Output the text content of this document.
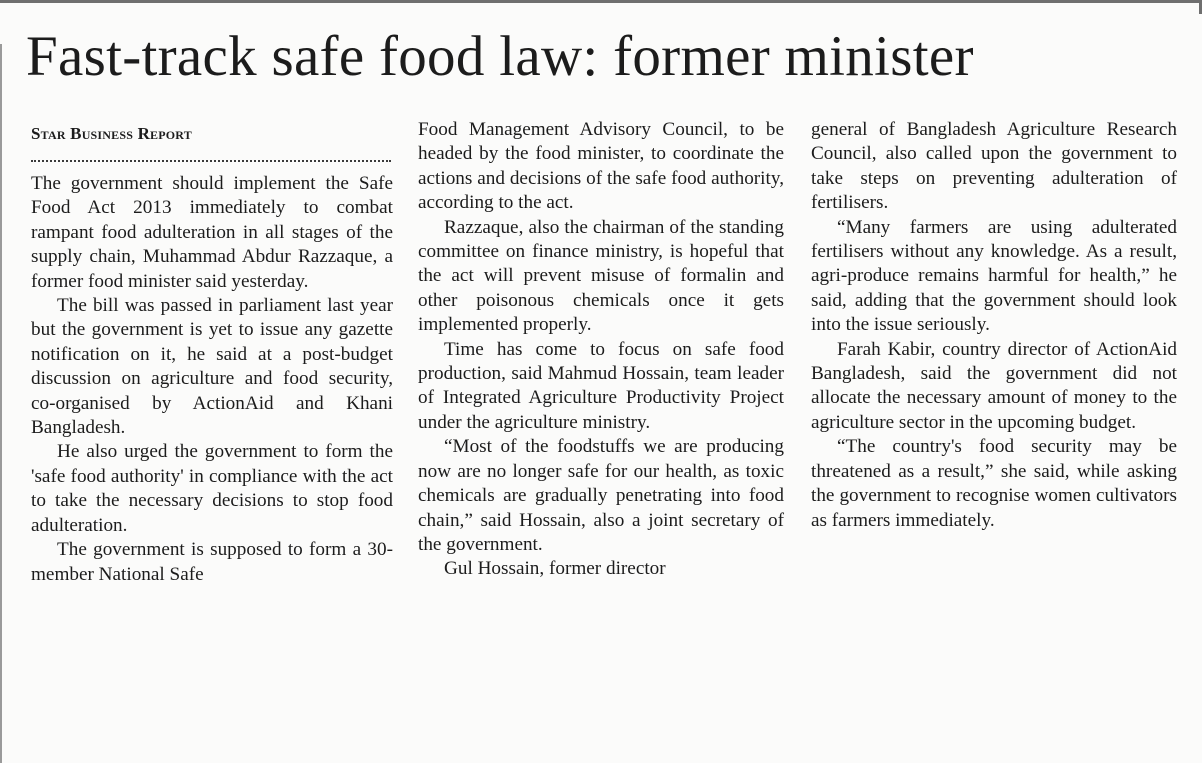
Fast-track safe food law: former minister
Star Business Report

The government should implement the Safe Food Act 2013 immediately to combat rampant food adulteration in all stages of the supply chain, Muhammad Abdur Razzaque, a former food minister said yesterday.

The bill was passed in parliament last year but the government is yet to issue any gazette notification on it, he said at a post-budget discussion on agriculture and food security, co-organised by ActionAid and Khani Bangladesh.

He also urged the government to form the 'safe food authority' in compliance with the act to take the necessary decisions to stop food adulteration.

The government is supposed to form a 30-member National Safe

Food Management Advisory Council, to be headed by the food minister, to coordinate the actions and decisions of the safe food authority, according to the act.

Razzaque, also the chairman of the standing committee on finance ministry, is hopeful that the act will prevent misuse of formalin and other poisonous chemicals once it gets implemented properly.

Time has come to focus on safe food production, said Mahmud Hossain, team leader of Integrated Agriculture Productivity Project under the agriculture ministry.

“Most of the foodstuffs we are producing now are no longer safe for our health, as toxic chemicals are gradually penetrating into food chain,” said Hossain, also a joint secretary of the government.

Gul Hossain, former director

general of Bangladesh Agriculture Research Council, also called upon the government to take steps on preventing adulteration of fertilisers.

“Many farmers are using adulterated fertilisers without any knowledge. As a result, agri-produce remains harmful for health,” he said, adding that the government should look into the issue seriously.

Farah Kabir, country director of ActionAid Bangladesh, said the government did not allocate the necessary amount of money to the agriculture sector in the upcoming budget.

“The country's food security may be threatened as a result,” she said, while asking the government to recognise women cultivators as farmers immediately.
